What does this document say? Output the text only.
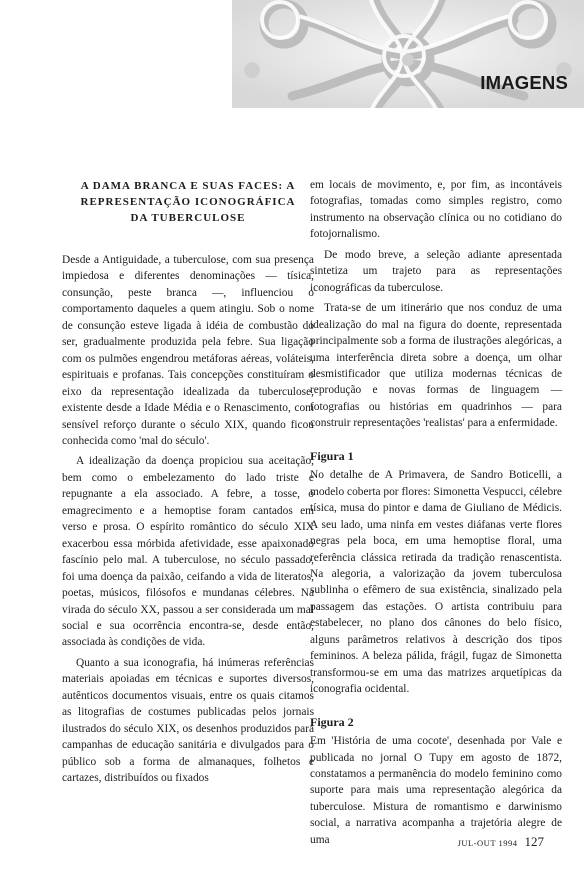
IMAGENS
A DAMA BRANCA E SUAS FACES: A REPRESENTAÇÃO ICONOGRÁFICA DA TUBERCULOSE

Desde a Antiguidade, a tuberculose, com sua presença impiedosa e diferentes denominações — tísica, consunção, peste branca —, influenciou o comportamento daqueles a quem atingiu. Sob o nome de consunção esteve ligada à idéia de combustão do ser, gradualmente produzida pela febre. Sua ligação com os pulmões engendrou metáforas aéreas, voláteis, espirituais e profanas. Tais concepções constituíram o eixo da representação idealizada da tuberculose, existente desde a Idade Média e o Renascimento, com sensível reforço durante o século XIX, quando ficou conhecida como 'mal do século'.

A idealização da doença propiciou sua aceitação, bem como o embelezamento do lado triste e repugnante a ela associado. A febre, a tosse, o emagrecimento e a hemoptise foram cantados em verso e prosa. O espírito romântico do século XIX exacerbou essa mórbida afetividade, esse apaixonado fascínio pelo mal. A tuberculose, no século passado, foi uma doença da paixão, ceifando a vida de literatos, poetas, músicos, filósofos e mundanas célebres. Na virada do século XX, passou a ser considerada um mal social e sua ocorrência encontra-se, desde então, associada às condições de vida.

Quanto a sua iconografia, há inúmeras referências materiais apoiadas em técnicas e suportes diversos, autênticos documentos visuais, entre os quais citamos as litografias de costumes publicadas pelos jornais ilustrados do século XIX, os desenhos produzidos para campanhas de educação sanitária e divulgados para o público sob a forma de almanaques, folhetos e cartazes, distribuídos ou fixados

em locais de movimento, e, por fim, as incontáveis fotografias, tomadas como simples registro, como instrumento na observação clínica ou no cotidiano do fotojornalismo.

De modo breve, a seleção adiante apresentada sintetiza um trajeto para as representações iconográficas da tuberculose.

Trata-se de um itinerário que nos conduz de uma idealização do mal na figura do doente, representada principalmente sob a forma de ilustrações alegóricas, a uma interferência direta sobre a doença, um olhar desmistificador que utiliza modernas técnicas de reprodução e novas formas de linguagem — fotografias ou histórias em quadrinhos — para construir representações 'realistas' para a enfermidade.

Figura 1

No detalhe de A Primavera, de Sandro Boticelli, a modelo coberta por flores: Simonetta Vespucci, célebre tísica, musa do pintor e dama de Giuliano de Médicis. A seu lado, uma ninfa em vestes diáfanas verte flores negras pela boca, em uma hemoptise floral, uma referência clássica retirada da tradição renascentista. Na alegoria, a valorização da jovem tuberculosa sublinha o efêmero de sua existência, sinalizado pela passagem das estações. O artista contribuiu para estabelecer, no plano dos cânones do belo físico, alguns parâmetros relativos à descrição dos tipos femininos. A beleza pálida, frágil, fugaz de Simonetta transformou-se em uma das matrizes arquetípicas da iconografia ocidental.

Figura 2

Em 'História de uma cocote', desenhada por Vale e publicada no jornal O Tupy em agosto de 1872, constatamos a permanência do modelo feminino como suporte para mais uma representação alegórica da tuberculose. Mistura de romantismo e darwinismo social, a narrativa acompanha a trajetória alegre de uma	JUL-OUT 1994 127
